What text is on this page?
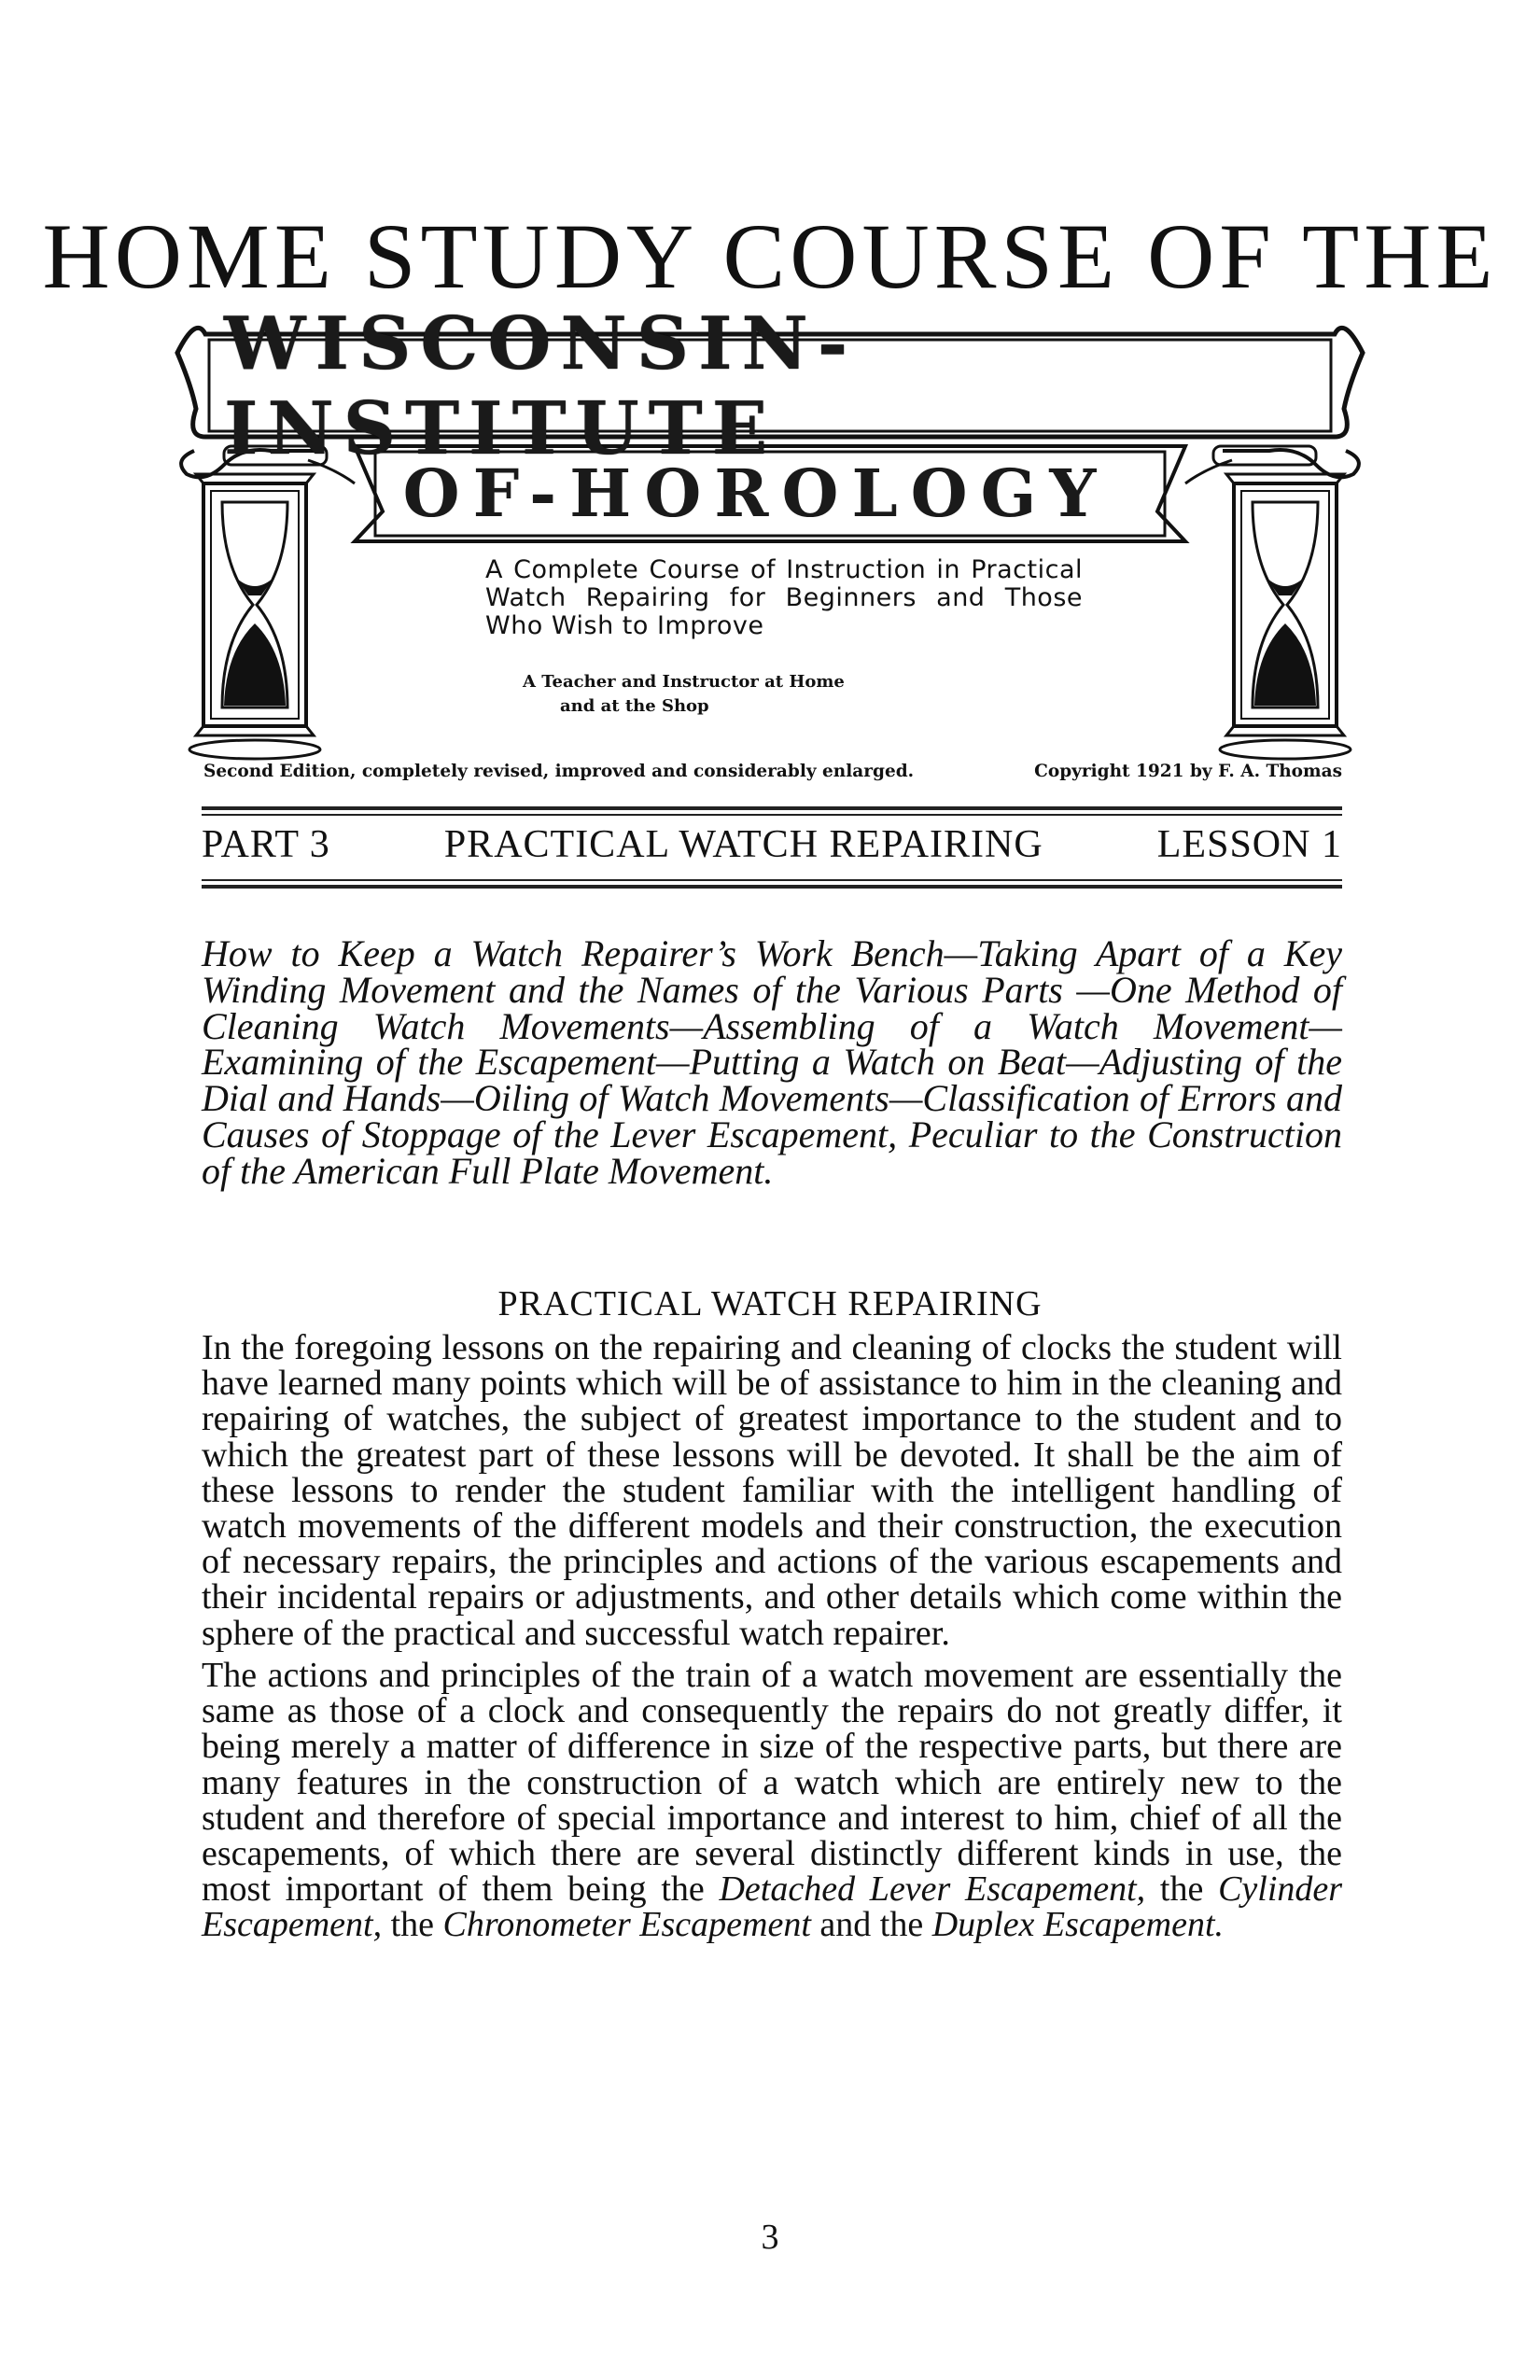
HOME STUDY COURSE OF THE
WISCONSIN-INSTITUTE
OF-HOROLOGY
A Complete Course of Instruction in Practical Watch Repairing for Beginners and Those Who Wish to Improve
A Teacher and Instructor at Home
and at the Shop
Second Edition, completely revised, improved and considerably enlarged.	Copyright 1921 by F. A. Thomas
PART 3	PRACTICAL WATCH REPAIRING	LESSON 1
How to Keep a Watch Repairer’s Work Bench—Taking Apart of a Key Winding Movement and the Names of the Various Parts —One Method of Cleaning Watch Movements—Assembling of a Watch Movement—Examining of the Escapement—Putting a Watch on Beat—Adjusting of the Dial and Hands—Oiling of Watch Movements—Classification of Errors and Causes of Stoppage of the Lever Escapement, Peculiar to the Construction of the American Full Plate Movement.
PRACTICAL WATCH REPAIRING
In the foregoing lessons on the repairing and cleaning of clocks the student will have learned many points which will be of assistance to him in the cleaning and repairing of watches, the subject of greatest importance to the student and to which the greatest part of these lessons will be devoted. It shall be the aim of these lessons to render the student familiar with the intelligent handling of watch movements of the different models and their construction, the execution of necessary repairs, the principles and actions of the various escapements and their incidental repairs or adjustments, and other details which come within the sphere of the practical and successful watch repairer.
The actions and principles of the train of a watch movement are essentially the same as those of a clock and consequently the repairs do not greatly differ, it being merely a matter of difference in size of the respective parts, but there are many features in the construction of a watch which are entirely new to the student and therefore of special importance and interest to him, chief of all the escapements, of which there are several distinctly different kinds in use, the most important of them being the Detached Lever Escapement, the Cylinder Escapement, the Chronometer Escapement and the Duplex Escapement.
3
